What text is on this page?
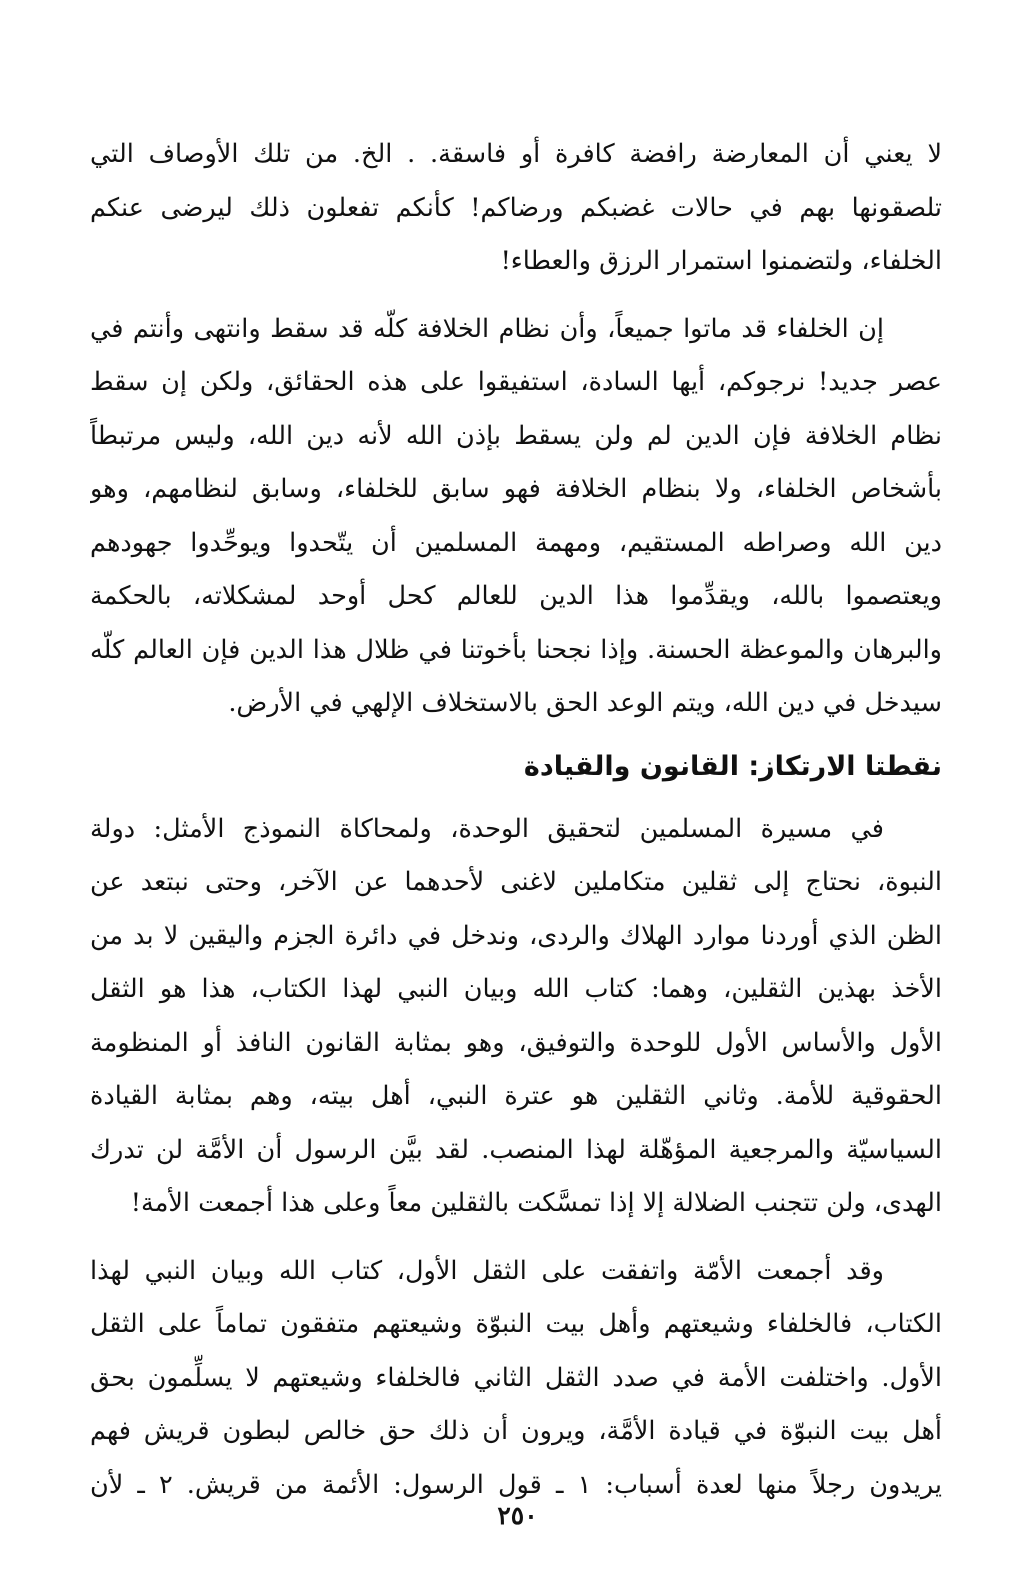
لا يعني أن المعارضة رافضة كافرة أو فاسقة. . الخ. من تلك الأوصاف التي
تلصقونها بهم في حالات غضبكم ورضاكم! كأنكم تفعلون ذلك ليرضى عنكم
الخلفاء، ولتضمنوا استمرار الرزق والعطاء!
إن الخلفاء قد ماتوا جميعاً، وأن نظام الخلافة كلّه قد سقط وانتهى وأنتم في
عصر جديد! نرجوكم، أيها السادة، استفيقوا على هذه الحقائق، ولكن إن سقط
نظام الخلافة فإن الدين لم ولن يسقط بإذن الله لأنه دين الله، وليس مرتبطاً
بأشخاص الخلفاء، ولا بنظام الخلافة فهو سابق للخلفاء، وسابق لنظامهم، وهو
دين الله وصراطه المستقيم، ومهمة المسلمين أن يتّحدوا ويوحِّدوا جهودهم
ويعتصموا بالله، ويقدِّموا هذا الدين للعالم كحل أوحد لمشكلاته، بالحكمة
والبرهان والموعظة الحسنة. وإذا نجحنا بأخوتنا في ظلال هذا الدين فإن العالم كلّه
سيدخل في دين الله، ويتم الوعد الحق بالاستخلاف الإلهي في الأرض.
نقطتا الارتكاز: القانون والقيادة
في مسيرة المسلمين لتحقيق الوحدة، ولمحاكاة النموذج الأمثل: دولة
النبوة، نحتاج إلى ثقلين متكاملين لاغنى لأحدهما عن الآخر، وحتى نبتعد عن
الظن الذي أوردنا موارد الهلاك والردى، وندخل في دائرة الجزم واليقين لا بد من
الأخذ بهذين الثقلين، وهما: كتاب الله وبيان النبي لهذا الكتاب، هذا هو الثقل
الأول والأساس الأول للوحدة والتوفيق، وهو بمثابة القانون النافذ أو المنظومة
الحقوقية للأمة. وثاني الثقلين هو عترة النبي، أهل بيته، وهم بمثابة القيادة
السياسيّة والمرجعية المؤهّلة لهذا المنصب. لقد بيَّن الرسول أن الأمَّة لن تدرك
الهدى، ولن تتجنب الضلالة إلا إذا تمسَّكت بالثقلين معاً وعلى هذا أجمعت الأمة!
وقد أجمعت الأمّة واتفقت على الثقل الأول، كتاب الله وبيان النبي لهذا
الكتاب، فالخلفاء وشيعتهم وأهل بيت النبوّة وشيعتهم متفقون تماماً على الثقل
الأول. واختلفت الأمة في صدد الثقل الثاني فالخلفاء وشيعتهم لا يسلِّمون بحق
أهل بيت النبوّة في قيادة الأمَّة، ويرون أن ذلك حق خالص لبطون قريش فهم
يريدون رجلاً منها لعدة أسباب: ١ ـ قول الرسول: الأئمة من قريش. ٢ ـ لأن
٢٥٠
